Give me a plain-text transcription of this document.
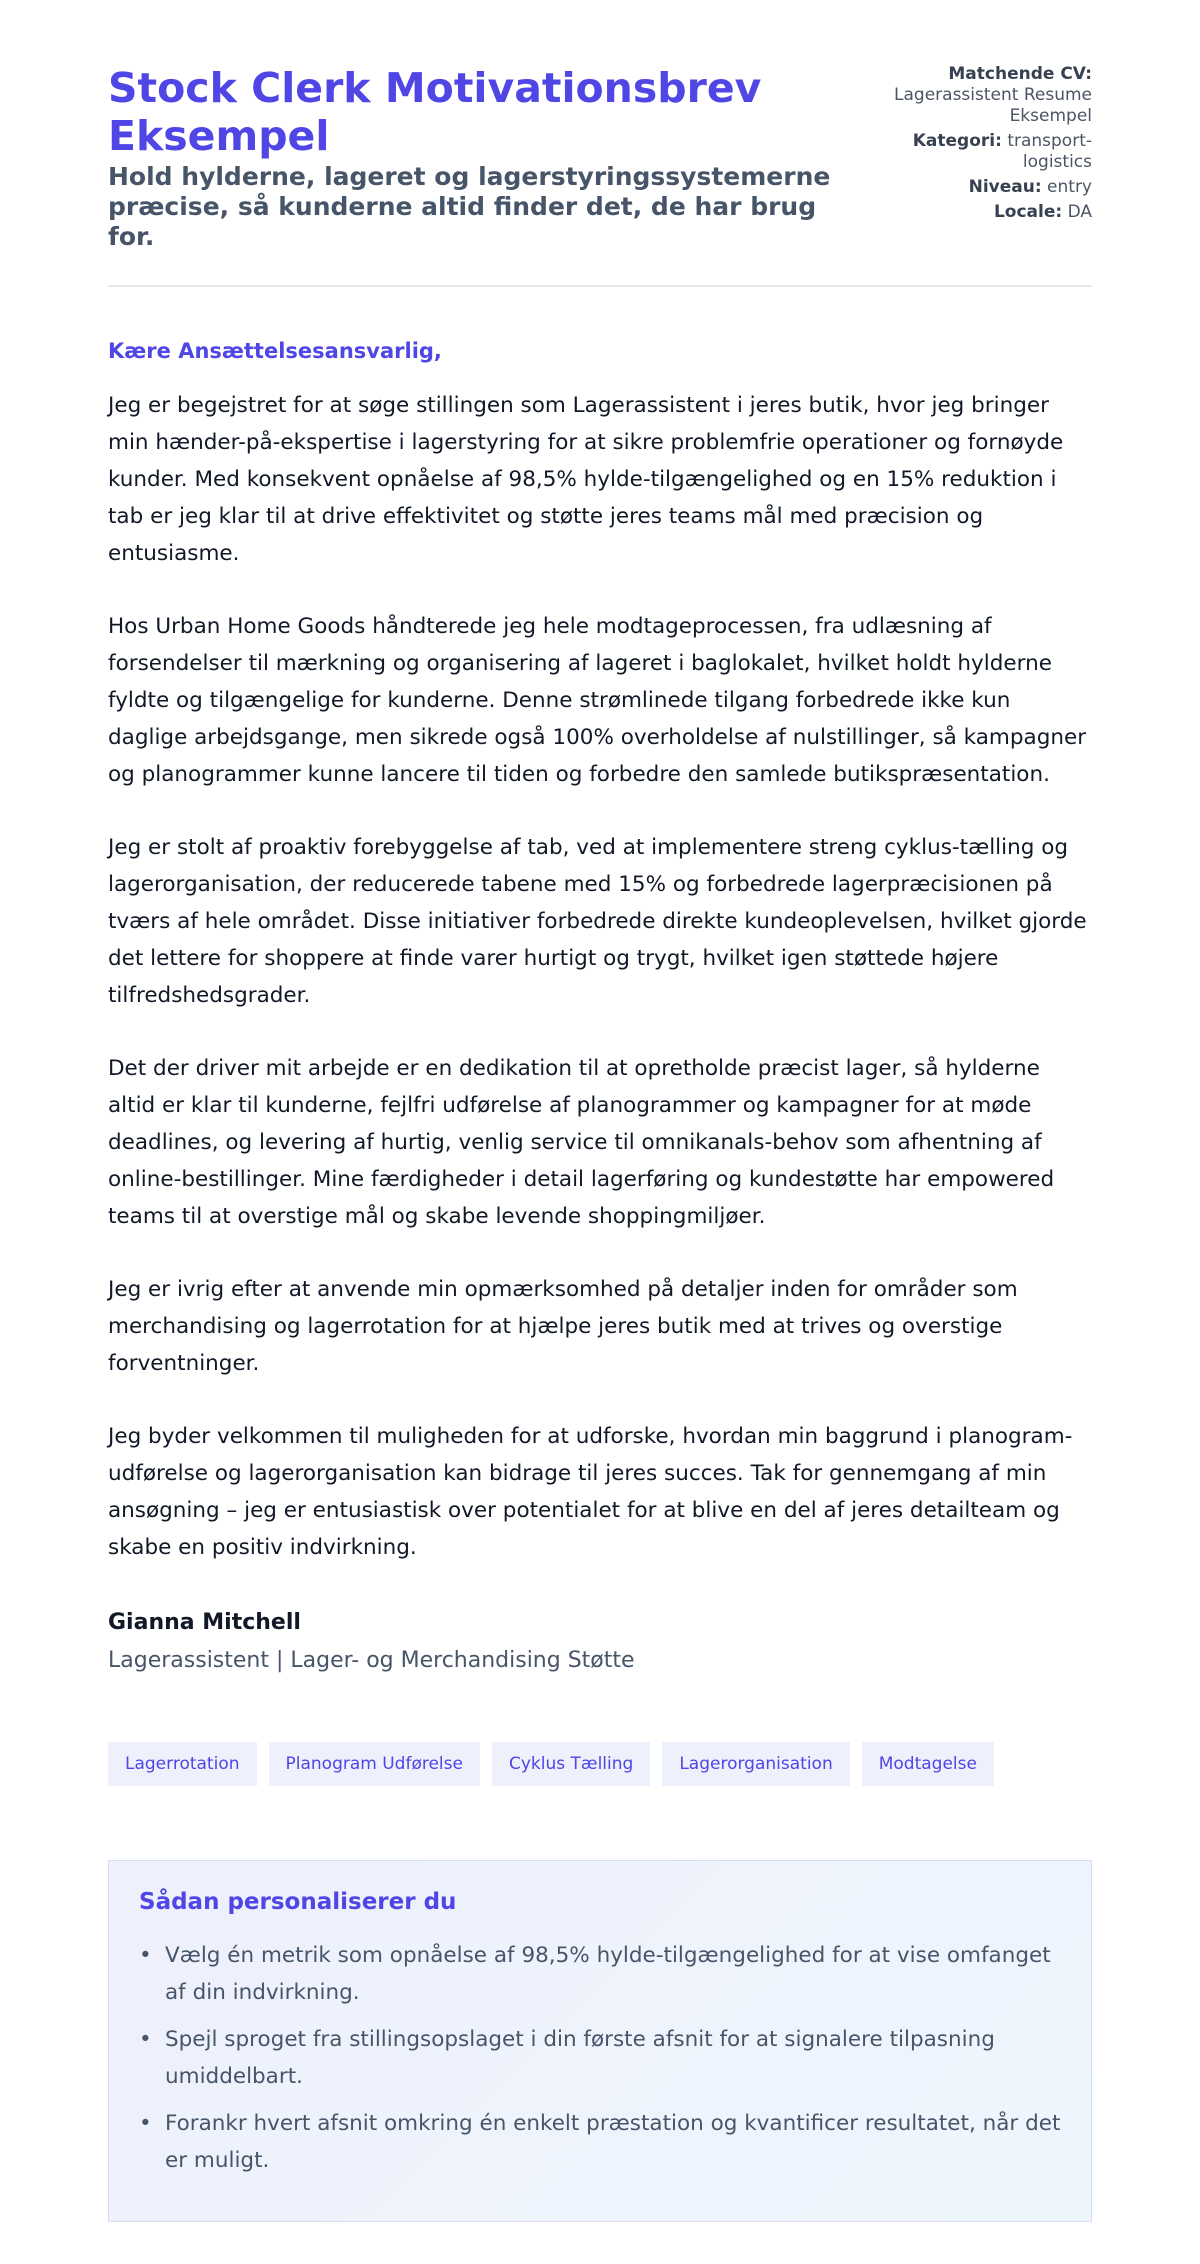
Stock Clerk Motivationsbrev Eksempel
Hold hylderne, lageret og lagerstyringssystemerne præcise, så kunderne altid finder det, de har brug for.
Matchende CV:
Lagerassistent Resume Eksempel
Kategori: transport-logistics
Niveau: entry
Locale: DA

Kære Ansættelsesansvarlig,

Jeg er begejstret for at søge stillingen som Lagerassistent i jeres butik, hvor jeg bringer min hænder-på-ekspertise i lagerstyring for at sikre problemfrie operationer og fornøyde kunder. Med konsekvent opnåelse af 98,5% hylde-tilgængelighed og en 15% reduktion i tab er jeg klar til at drive effektivitet og støtte jeres teams mål med præcision og entusiasme.

Hos Urban Home Goods håndterede jeg hele modtageprocessen, fra udlæsning af forsendelser til mærkning og organisering af lageret i baglokalet, hvilket holdt hylderne fyldte og tilgængelige for kunderne. Denne strømlinede tilgang forbedrede ikke kun daglige arbejdsgange, men sikrede også 100% overholdelse af nulstillinger, så kampagner og planogrammer kunne lancere til tiden og forbedre den samlede butikspræsentation.

Jeg er stolt af proaktiv forebyggelse af tab, ved at implementere streng cyklus-tælling og lagerorganisation, der reducerede tabene med 15% og forbedrede lagerpræcisionen på tværs af hele området. Disse initiativer forbedrede direkte kundeoplevelsen, hvilket gjorde det lettere for shoppere at finde varer hurtigt og trygt, hvilket igen støttede højere tilfredshedsgrader.

Det der driver mit arbejde er en dedikation til at opretholde præcist lager, så hylderne altid er klar til kunderne, fejlfri udførelse af planogrammer og kampagner for at møde deadlines, og levering af hurtig, venlig service til omnikanals-behov som afhentning af online-bestillinger. Mine færdigheder i detail lagerføring og kundestøtte har empowered teams til at overstige mål og skabe levende shoppingmiljøer.

Jeg er ivrig efter at anvende min opmærksomhed på detaljer inden for områder som merchandising og lagerrotation for at hjælpe jeres butik med at trives og overstige forventninger.

Jeg byder velkommen til muligheden for at udforske, hvordan min baggrund i planogram-udførelse og lagerorganisation kan bidrage til jeres succes. Tak for gennemgang af min ansøgning – jeg er entusiastisk over potentialet for at blive en del af jeres detailteam og skabe en positiv indvirkning.

Gianna Mitchell

Lagerassistent | Lager- og Merchandising Støtte

Lagerrotation	Planogram Udførelse	Cyklus Tælling	Lagerorganisation	Modtagelse
Sådan personaliserer du
• Vælg én metrik som opnåelse af 98,5% hylde-tilgængelighed for at vise omfanget af din indvirkning.
• Spejl sproget fra stillingsopslaget i din første afsnit for at signalere tilpasning umiddelbart.
• Forankr hvert afsnit omkring én enkelt præstation og kvantificer resultatet, når det er muligt.
